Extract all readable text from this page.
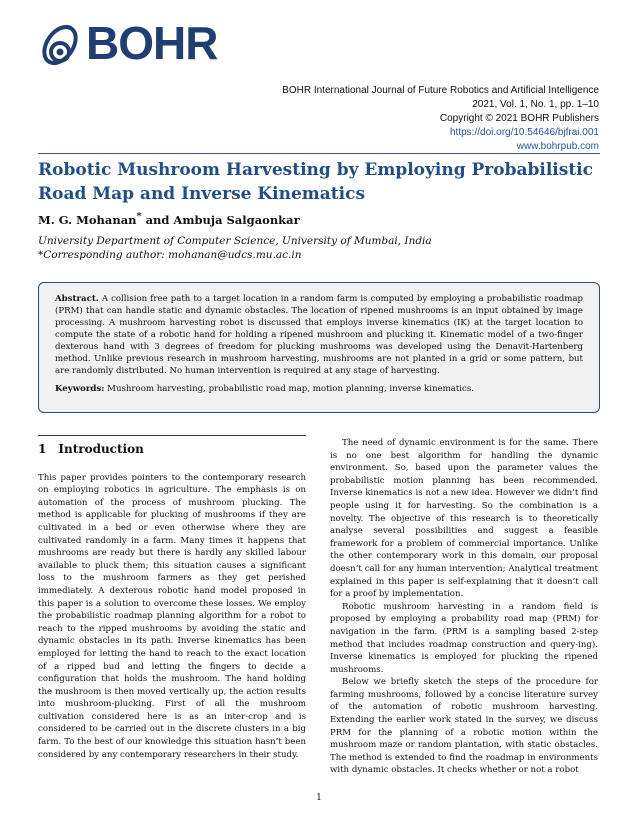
BOHR
BOHR International Journal of Future Robotics and Artificial Intelligence
2021, Vol. 1, No. 1, pp. 1–10
Copyright © 2021 BOHR Publishers
https://doi.org/10.54646/bjfrai.001
www.bohrpub.com
Robotic Mushroom Harvesting by Employing Probabilistic Road Map and Inverse Kinematics

M. G. Mohanan* and Ambuja Salgaonkar

University Department of Computer Science, University of Mumbai, India
*Corresponding author: mohanan@udcs.mu.ac.in

Abstract. A collision free path to a target location in a random farm is computed by employing a probabilistic roadmap (PRM) that can handle static and dynamic obstacles. The location of ripened mushrooms is an input obtained by image processing. A mushroom harvesting robot is discussed that employs inverse kinematics (IK) at the target location to compute the state of a robotic hand for holding a ripened mushroom and plucking it. Kinematic model of a two-finger dexterous hand with 3 degrees of freedom for plucking mushrooms was developed using the Denavit-Hartenberg method. Unlike previous research in mushroom harvesting, mushrooms are not planted in a grid or some pattern, but are randomly distributed. No human intervention is required at any stage of harvesting.

Keywords: Mushroom harvesting, probabilistic road map, motion planning, inverse kinematics.

1 Introduction

This paper provides pointers to the contemporary research on employing robotics in agriculture. The emphasis is on automation of the process of mushroom plucking. The method is applicable for plucking of mushrooms if they are cultivated in a bed or even otherwise where they are cultivated randomly in a farm. Many times it happens that mushrooms are ready but there is hardly any skilled labour available to pluck them; this situation causes a significant loss to the mushroom farmers as they get perished immediately. A dexterous robotic hand model proposed in this paper is a solution to overcome these losses. We employ the probabilistic roadmap planning algorithm for a robot to reach to the ripped mushrooms by avoiding the static and dynamic obstacles in its path. Inverse kinematics has been employed for letting the hand to reach to the exact location of a ripped bud and letting the fingers to decide a configuration that holds the mushroom. The hand holding the mushroom is then moved vertically up, the action results into mushroom-plucking. First of all the mushroom cultivation considered here is as an inter-crop and is considered to be carried out in the discrete clusters in a big farm. To the best of our knowledge this situation hasn’t been considered by any contemporary researchers in their study.

The need of dynamic environment is for the same. There is no one best algorithm for handling the dynamic environment. So, based upon the parameter values the probabilistic motion planning has been recommended. Inverse kinematics is not a new idea. However we didn’t find people using it for harvesting. So the combination is a novelty. The objective of this research is to theoretically analyse several possibilities and suggest a feasible framework for a problem of commercial importance. Unlike the other contemporary work in this domain, our proposal doesn’t call for any human intervention; Analytical treatment explained in this paper is self-explaining that it doesn’t call for a proof by implementation.

Robotic mushroom harvesting in a random field is proposed by employing a probability road map (PRM) for navigation in the farm. (PRM is a sampling based 2-step method that includes roadmap construction and query-ing). Inverse kinematics is employed for plucking the ripened mushrooms.

Below we briefly sketch the steps of the procedure for farming mushrooms, followed by a concise literature survey of the automation of robotic mushroom harvesting. Extending the earlier work stated in the survey, we discuss PRM for the planning of a robotic motion within the mushroom maze or random plantation, with static obstacles. The method is extended to find the roadmap in environments with dynamic obstacles. It checks whether or not a robot

1
